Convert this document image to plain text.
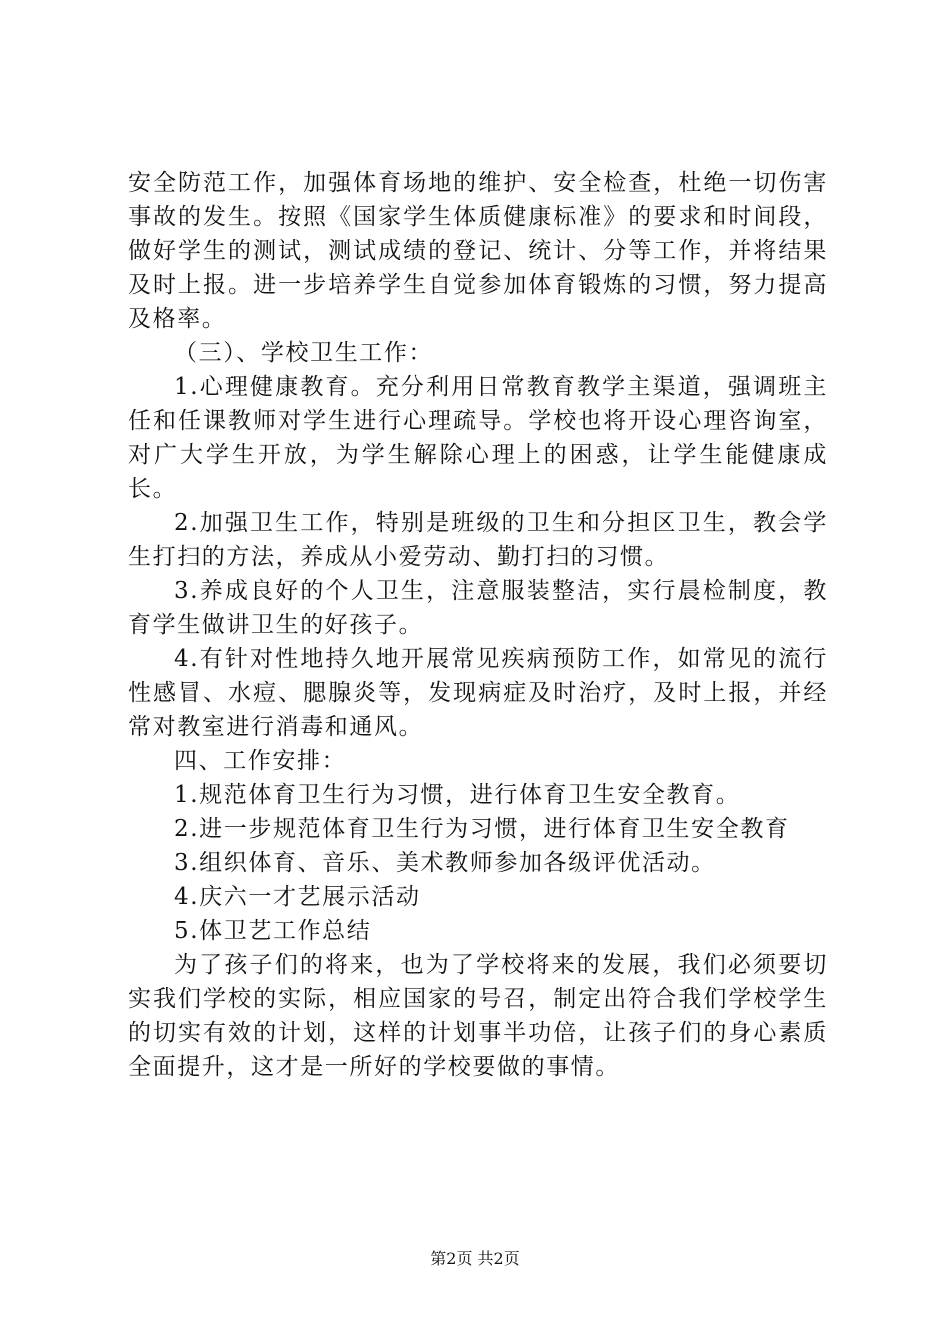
安全防范工作，加强体育场地的维护、安全检查，杜绝一切伤害事故的发生。按照《国家学生体质健康标准》的要求和时间段，做好学生的测试，测试成绩的登记、统计、分等工作，并将结果及时上报。进一步培养学生自觉参加体育锻炼的习惯，努力提高及格率。

（三）、学校卫生工作：

1.心理健康教育。充分利用日常教育教学主渠道，强调班主任和任课教师对学生进行心理疏导。学校也将开设心理咨询室，对广大学生开放，为学生解除心理上的困惑，让学生能健康成长。

2.加强卫生工作，特别是班级的卫生和分担区卫生，教会学生打扫的方法，养成从小爱劳动、勤打扫的习惯。

3.养成良好的个人卫生，注意服装整洁，实行晨检制度，教育学生做讲卫生的好孩子。

4.有针对性地持久地开展常见疾病预防工作，如常见的流行性感冒、水痘、腮腺炎等，发现病症及时治疗，及时上报，并经常对教室进行消毒和通风。

四、工作安排：

1.规范体育卫生行为习惯，进行体育卫生安全教育。

2.进一步规范体育卫生行为习惯，进行体育卫生安全教育

3.组织体育、音乐、美术教师参加各级评优活动。

4.庆六一才艺展示活动

5.体卫艺工作总结

为了孩子们的将来，也为了学校将来的发展，我们必须要切实我们学校的实际，相应国家的号召，制定出符合我们学校学生的切实有效的计划，这样的计划事半功倍，让孩子们的身心素质全面提升，这才是一所好的学校要做的事情。

第2页 共2页
